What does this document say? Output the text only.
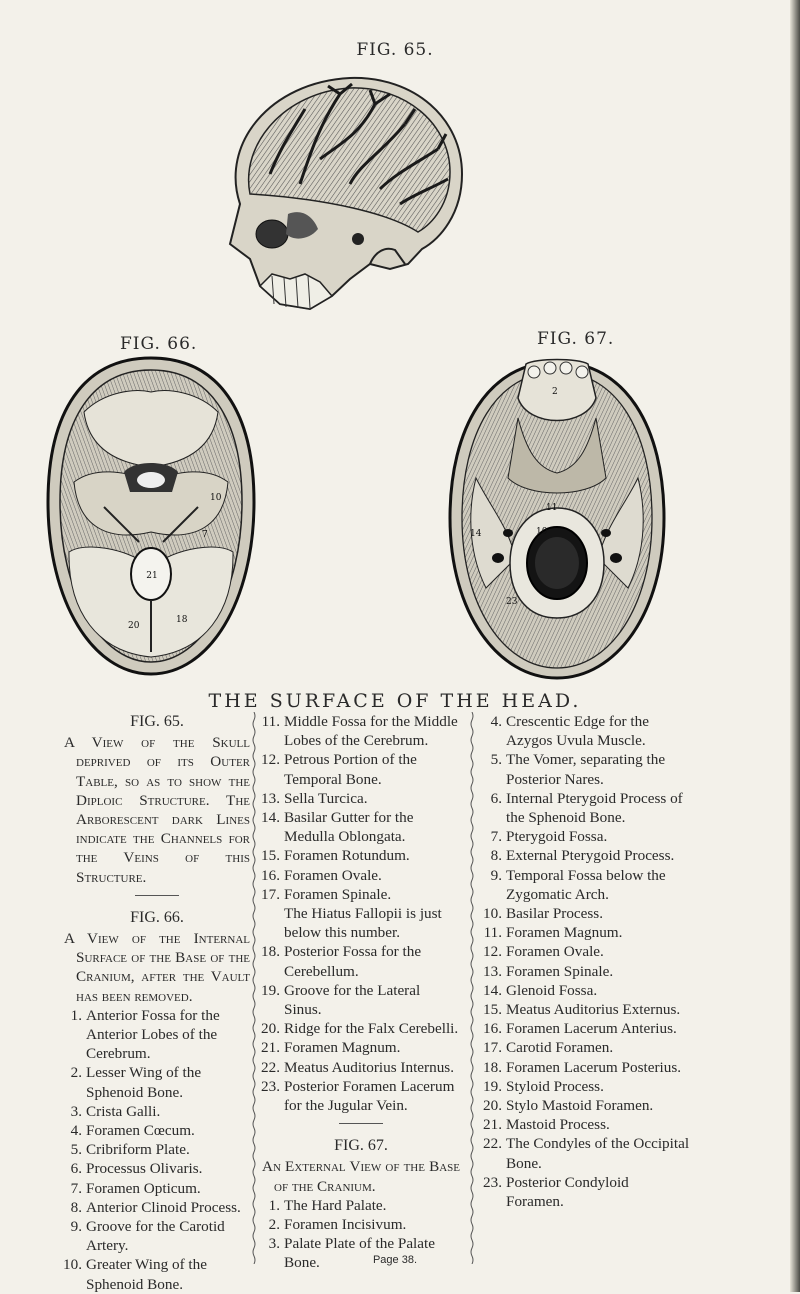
FIG. 65.
FIG. 66.	FIG. 67.
21
20
18
10
7	10
11
14
23
2
THE SURFACE OF THE HEAD.
FIG. 65.

A View of the Skull deprived of its Outer Table, so as to show the Diploic Structure. The Arborescent dark Lines indicate the Channels for the Veins of this Structure.

FIG. 66.

A View of the Internal Surface of the Base of the Cranium, after the Vault has been removed.

1. Anterior Fossa for the Anterior Lobes of the Cerebrum.

2. Lesser Wing of the Sphenoid Bone.

3. Crista Galli.

4. Foramen Cœcum.

5. Cribriform Plate.

6. Processus Olivaris.

7. Foramen Opticum.

8. Anterior Clinoid Process.

9. Groove for the Carotid Artery.

10. Greater Wing of the Sphenoid Bone.

11. Middle Fossa for the Middle Lobes of the Cerebrum.

12. Petrous Portion of the Temporal Bone.

13. Sella Turcica.

14. Basilar Gutter for the Medulla Oblongata.

15. Foramen Rotundum.

16. Foramen Ovale.

17. Foramen Spinale.

The Hiatus Fallopii is just below this number.

18. Posterior Fossa for the Cerebellum.

19. Groove for the Lateral Sinus.

20. Ridge for the Falx Cerebelli.

21. Foramen Magnum.

22. Meatus Auditorius Internus.

23. Posterior Foramen Lacerum for the Jugular Vein.

FIG. 67.

An External View of the Base of the Cranium.

1. The Hard Palate.

2. Foramen Incisivum.

3. Palate Plate of the Palate Bone.

4. Crescentic Edge for the Azygos Uvula Muscle.

5. The Vomer, separating the Posterior Nares.

6. Internal Pterygoid Process of the Sphenoid Bone.

7. Pterygoid Fossa.

8. External Pterygoid Process.

9. Temporal Fossa below the Zygomatic Arch.

10. Basilar Process.

11. Foramen Magnum.

12. Foramen Ovale.

13. Foramen Spinale.

14. Glenoid Fossa.

15. Meatus Auditorius Externus.

16. Foramen Lacerum Anterius.

17. Carotid Foramen.

18. Foramen Lacerum Posterius.

19. Styloid Process.

20. Stylo Mastoid Foramen.

21. Mastoid Process.

22. The Condyles of the Occipital Bone.

23. Posterior Condyloid Foramen.

Page 38.
